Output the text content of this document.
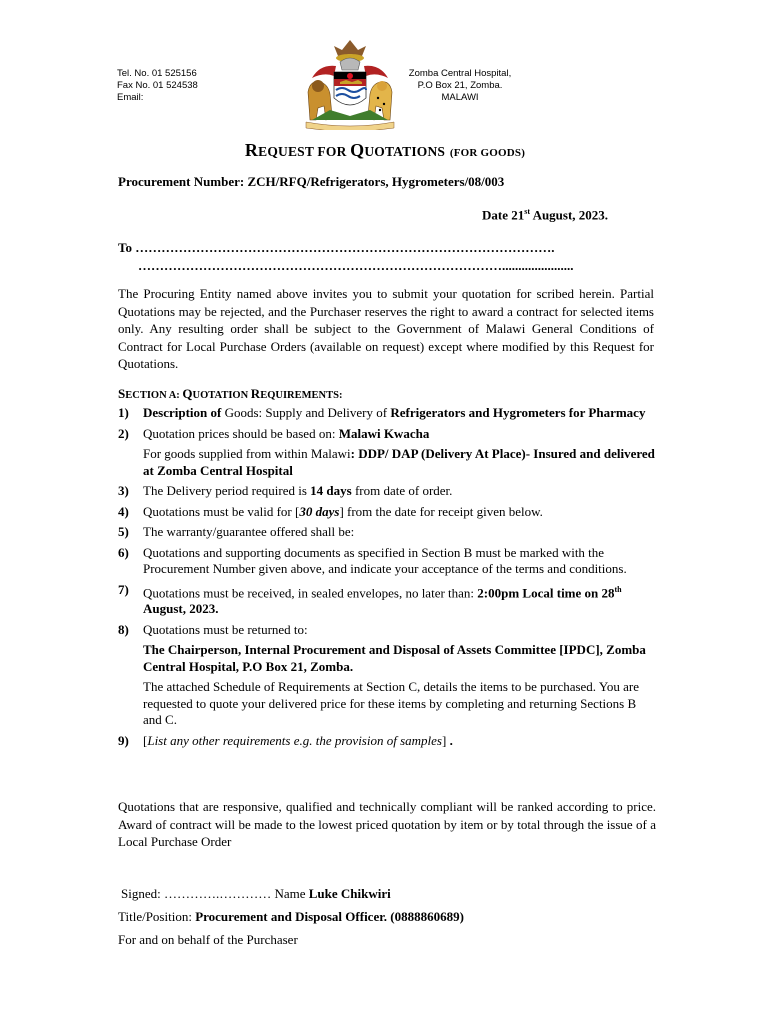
Tel. No. 01 525156
Fax No. 01 524538
Email:
Zomba Central Hospital,
P.O Box 21, Zomba.
MALAWI
REQUEST FOR QUOTATIONS (FOR GOODS)
Procurement Number: ZCH/RFQ/Refrigerators, Hygrometers/08/003
Date 21st August, 2023.
To …………………………………………………………………………………….
…………………………………………………………………………......................
The Procuring Entity named above invites you to submit your quotation for scribed herein. Partial Quotations may be rejected, and the Purchaser reserves the right to award a contract for selected items only. Any resulting order shall be subject to the Government of Malawi General Conditions of Contract for Local Purchase Orders (available on request) except where modified by this Request for Quotations.
SECTION A: QUOTATION REQUIREMENTS:
1)	Description of Goods: Supply and Delivery of Refrigerators and Hygrometers for Pharmacy
2)	Quotation prices should be based on: Malawi Kwacha
For goods supplied from within Malawi: DDP/ DAP (Delivery At Place)- Insured and delivered at Zomba Central Hospital
3)	The Delivery period required is 14 days from date of order.
4)	Quotations must be valid for [30 days] from the date for receipt given below.
5)	The warranty/guarantee offered shall be:
6)	Quotations and supporting documents as specified in Section B must be marked with the Procurement Number given above, and indicate your acceptance of the terms and conditions.
7)	Quotations must be received, in sealed envelopes, no later than: 2:00pm Local time on 28th August, 2023.
8)	Quotations must be returned to:
The Chairperson, Internal Procurement and Disposal of Assets Committee [IPDC], Zomba Central Hospital, P.O Box 21, Zomba.
The attached Schedule of Requirements at Section C, details the items to be purchased. You are requested to quote your delivered price for these items by completing and returning Sections B and C.
9)	[List any other requirements e.g. the provision of samples] .
Quotations that are responsive, qualified and technically compliant will be ranked according to price. Award of contract will be made to the lowest priced quotation by item or by total through the issue of a Local Purchase Order
Signed: ………….………… Name Luke Chikwiri
Title/Position: Procurement and Disposal Officer. (0888860689)
For and on behalf of the Purchaser
